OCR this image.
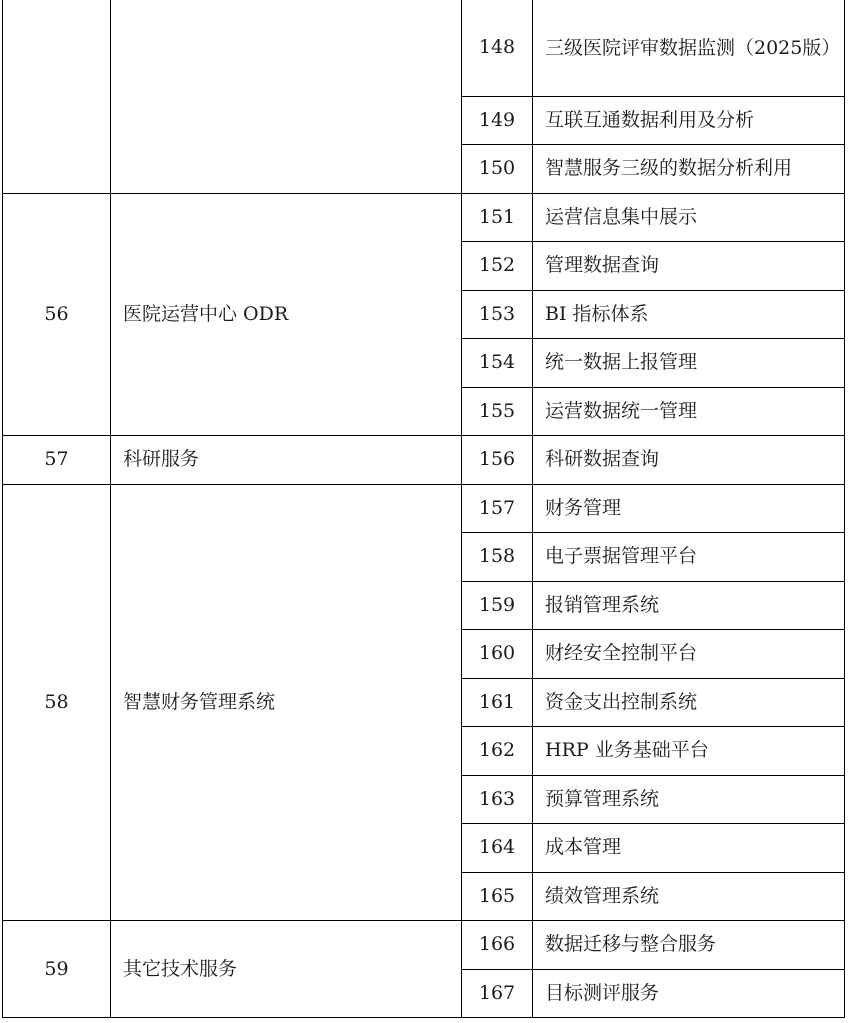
		148	三级医院评审数据监测（2025版）
		149	互联互通数据利用及分析
		150	智慧服务三级的数据分析利用
56	医院运营中心 ODR	151	运营信息集中展示
		152	管理数据查询
		153	BI 指标体系
		154	统一数据上报管理
		155	运营数据统一管理
57	科研服务	156	科研数据查询
58	智慧财务管理系统	157	财务管理
		158	电子票据管理平台
		159	报销管理系统
		160	财经安全控制平台
		161	资金支出控制系统
		162	HRP 业务基础平台
		163	预算管理系统
		164	成本管理
		165	绩效管理系统
59	其它技术服务	166	数据迁移与整合服务
		167	目标测评服务
